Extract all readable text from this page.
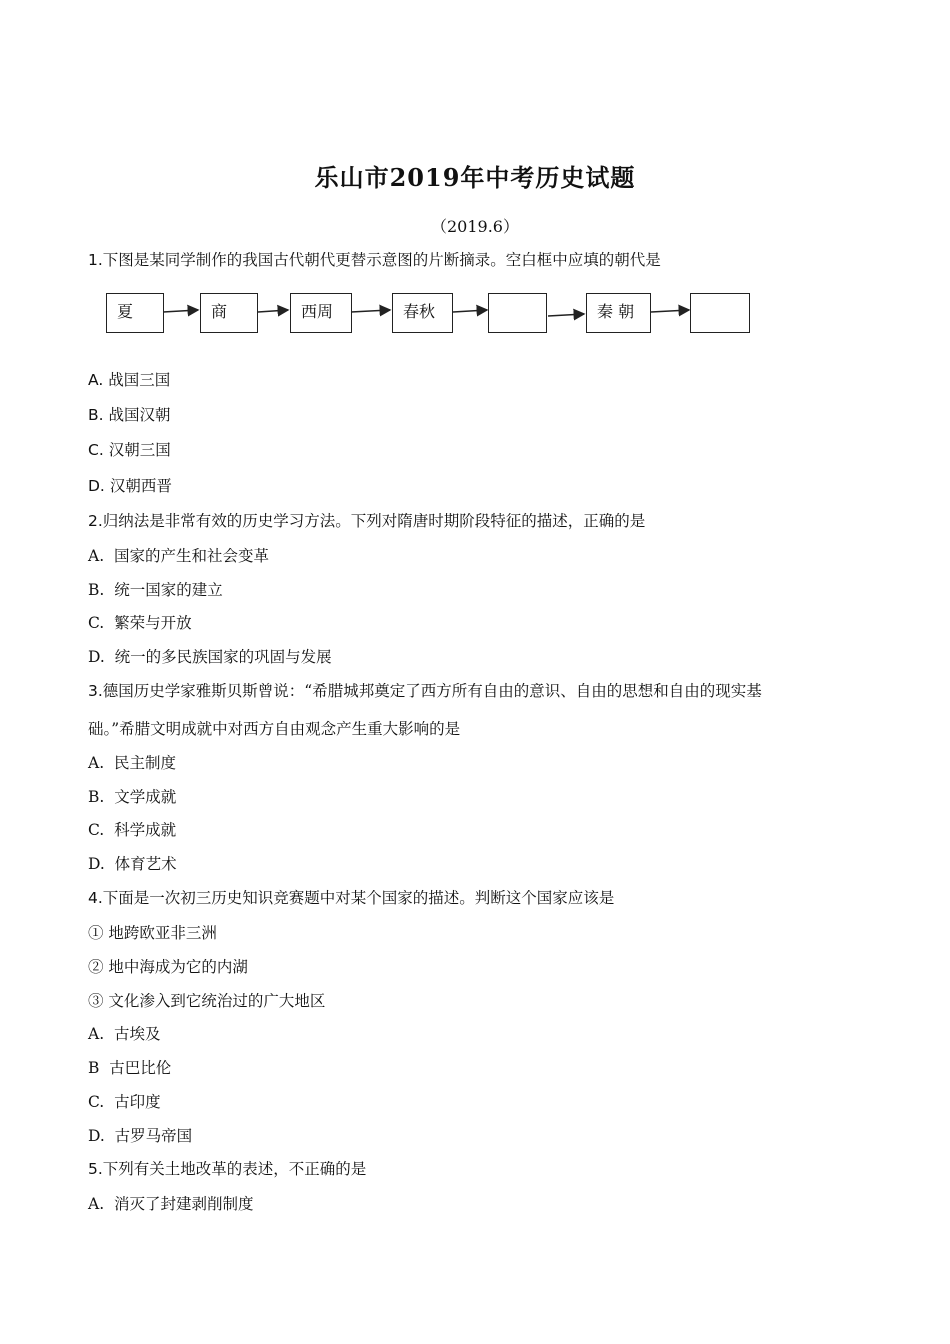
乐山市2019年中考历史试题
（2019.6）
1.下图是某同学制作的我国古代朝代更替示意图的片断摘录。空白框中应填的朝代是
夏	商	西周	春秋	秦 朝
A. 战国三国
B. 战国汉朝
C. 汉朝三国
D. 汉朝西晋
2.归纳法是非常有效的历史学习方法。下列对隋唐时期阶段特征的描述，正确的是
A. 国家的产生和社会变革
B. 统一国家的建立
C. 繁荣与开放
D. 统一的多民族国家的巩固与发展
3.德国历史学家雅斯贝斯曾说：“希腊城邦奠定了西方所有自由的意识、自由的思想和自由的现实基
础。”希腊文明成就中对西方自由观念产生重大影响的是
A. 民主制度
B. 文学成就
C. 科学成就
D. 体育艺术
4.下面是一次初三历史知识竞赛题中对某个国家的描述。判断这个国家应该是
① 地跨欧亚非三洲
② 地中海成为它的内湖
③ 文化渗入到它统治过的广大地区
A. 古埃及
B 古巴比伦
C. 古印度
D. 古罗马帝国
5.下列有关土地改革的表述，不正确的是
A. 消灭了封建剥削制度
